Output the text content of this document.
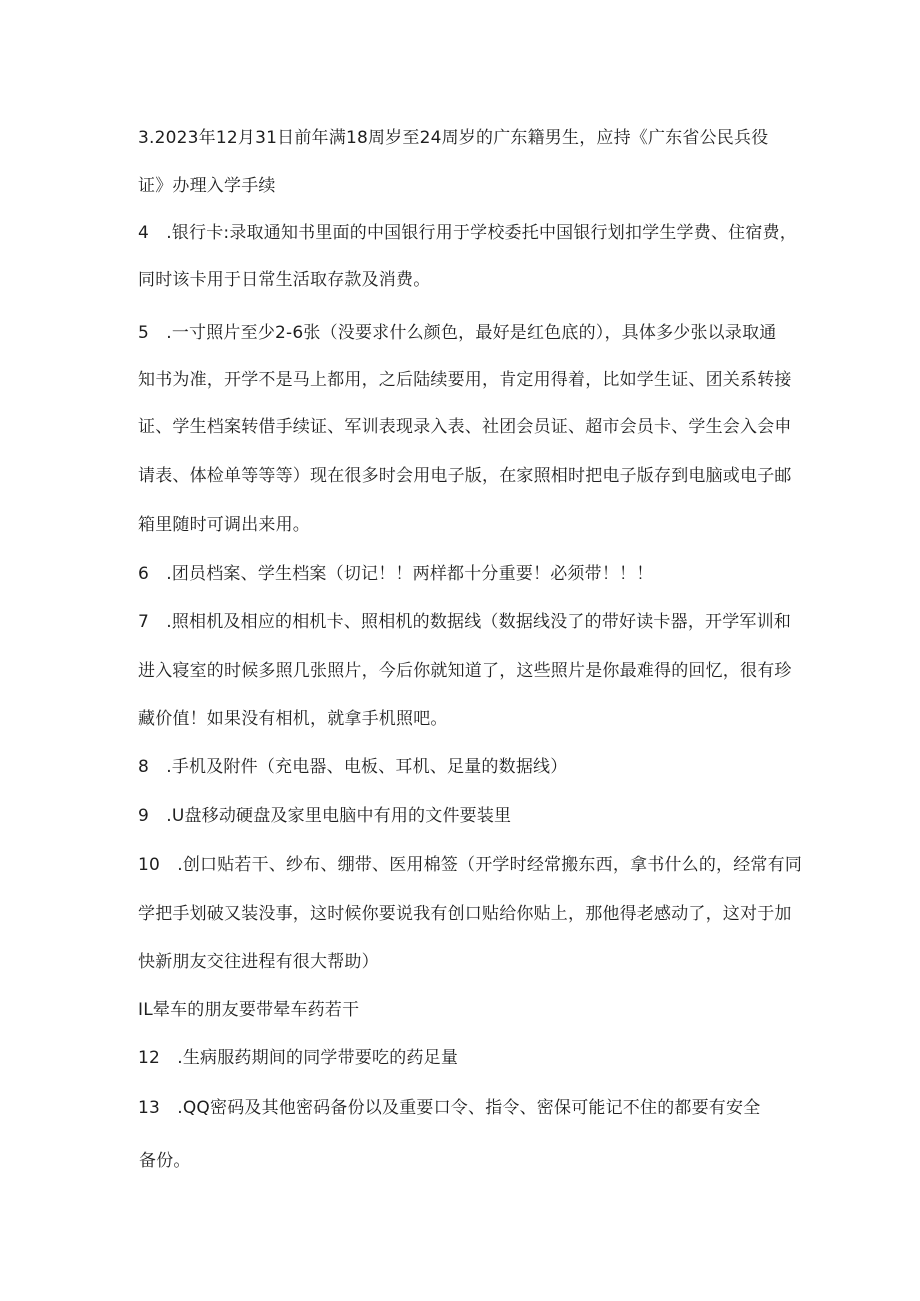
3.2023年12月31日前年满18周岁至24周岁的广东籍男生，应持《广东省公民兵役
证》办理入学手续
4　.银行卡:录取通知书里面的中国银行用于学校委托中国银行划扣学生学费、住宿费，
同时该卡用于日常生活取存款及消费。
5　.一寸照片至少2-6张（没要求什么颜色，最好是红色底的），具体多少张以录取通
知书为准，开学不是马上都用，之后陆续要用，肯定用得着，比如学生证、团关系转接
证、学生档案转借手续证、军训表现录入表、社团会员证、超市会员卡、学生会入会申
请表、体检单等等等）现在很多时会用电子版，在家照相时把电子版存到电脑或电子邮
箱里随时可调出来用。
6　.团员档案、学生档案（切记！！两样都十分重要！必须带！！！
7　.照相机及相应的相机卡、照相机的数据线（数据线没了的带好读卡器，开学军训和
进入寝室的时候多照几张照片，今后你就知道了，这些照片是你最难得的回忆，很有珍
藏价值！如果没有相机，就拿手机照吧。
8　.手机及附件（充电器、电板、耳机、足量的数据线）
9　.U盘移动硬盘及家里电脑中有用的文件要装里
10　.创口贴若干、纱布、绷带、医用棉签（开学时经常搬东西，拿书什么的，经常有同
学把手划破又装没事，这时候你要说我有创口贴给你贴上，那他得老感动了，这对于加
快新朋友交往进程有很大帮助）
IL晕车的朋友要带晕车药若干
12　.生病服药期间的同学带要吃的药足量
13　.QQ密码及其他密码备份以及重要口令、指令、密保可能记不住的都要有安全
备份。
